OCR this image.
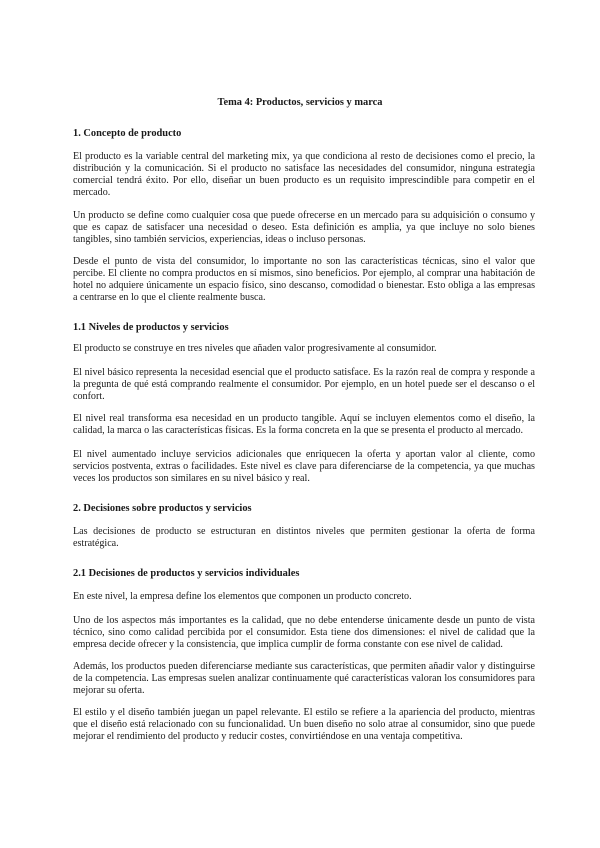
Tema 4: Productos, servicios y marca
1. Concepto de producto
El producto es la variable central del marketing mix, ya que condiciona al resto de decisiones como el precio, la distribución y la comunicación. Si el producto no satisface las necesidades del consumidor, ninguna estrategia comercial tendrá éxito. Por ello, diseñar un buen producto es un requisito imprescindible para competir en el mercado.
Un producto se define como cualquier cosa que puede ofrecerse en un mercado para su adquisición o consumo y que es capaz de satisfacer una necesidad o deseo. Esta definición es amplia, ya que incluye no solo bienes tangibles, sino también servicios, experiencias, ideas o incluso personas.
Desde el punto de vista del consumidor, lo importante no son las características técnicas, sino el valor que percibe. El cliente no compra productos en sí mismos, sino beneficios. Por ejemplo, al comprar una habitación de hotel no adquiere únicamente un espacio físico, sino descanso, comodidad o bienestar. Esto obliga a las empresas a centrarse en lo que el cliente realmente busca.
1.1 Niveles de productos y servicios
El producto se construye en tres niveles que añaden valor progresivamente al consumidor.
El nivel básico representa la necesidad esencial que el producto satisface. Es la razón real de compra y responde a la pregunta de qué está comprando realmente el consumidor. Por ejemplo, en un hotel puede ser el descanso o el confort.
El nivel real transforma esa necesidad en un producto tangible. Aquí se incluyen elementos como el diseño, la calidad, la marca o las características físicas. Es la forma concreta en la que se presenta el producto al mercado.
El nivel aumentado incluye servicios adicionales que enriquecen la oferta y aportan valor al cliente, como servicios postventa, extras o facilidades. Este nivel es clave para diferenciarse de la competencia, ya que muchas veces los productos son similares en su nivel básico y real.
2. Decisiones sobre productos y servicios
Las decisiones de producto se estructuran en distintos niveles que permiten gestionar la oferta de forma estratégica.
2.1 Decisiones de productos y servicios individuales
En este nivel, la empresa define los elementos que componen un producto concreto.
Uno de los aspectos más importantes es la calidad, que no debe entenderse únicamente desde un punto de vista técnico, sino como calidad percibida por el consumidor. Esta tiene dos dimensiones: el nivel de calidad que la empresa decide ofrecer y la consistencia, que implica cumplir de forma constante con ese nivel de calidad.
Además, los productos pueden diferenciarse mediante sus características, que permiten añadir valor y distinguirse de la competencia. Las empresas suelen analizar continuamente qué características valoran los consumidores para mejorar su oferta.
El estilo y el diseño también juegan un papel relevante. El estilo se refiere a la apariencia del producto, mientras que el diseño está relacionado con su funcionalidad. Un buen diseño no solo atrae al consumidor, sino que puede mejorar el rendimiento del producto y reducir costes, convirtiéndose en una ventaja competitiva.
